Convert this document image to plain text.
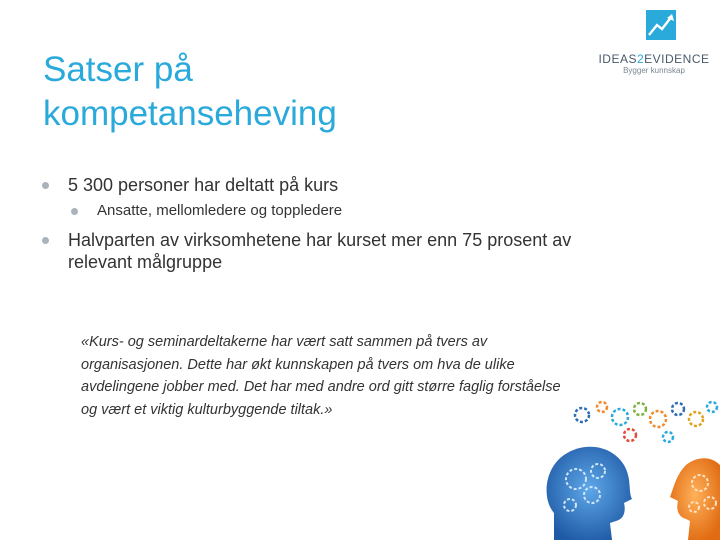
Satser på
kompetanseheving
IDEAS2EVIDENCE
Bygger kunnskap
5 300 personer har deltatt på kurs
Ansatte, mellomledere og toppledere
Halvparten av virksomhetene har kurset mer enn 75 prosent av
relevant målgruppe
«Kurs- og seminardeltakerne har vært satt sammen på tvers av
organisasjonen. Dette har økt kunnskapen på tvers om hva de ulike
avdelingene jobber med. Det har med andre ord gitt større faglig forståelse
og vært et viktig kulturbyggende tiltak.»
